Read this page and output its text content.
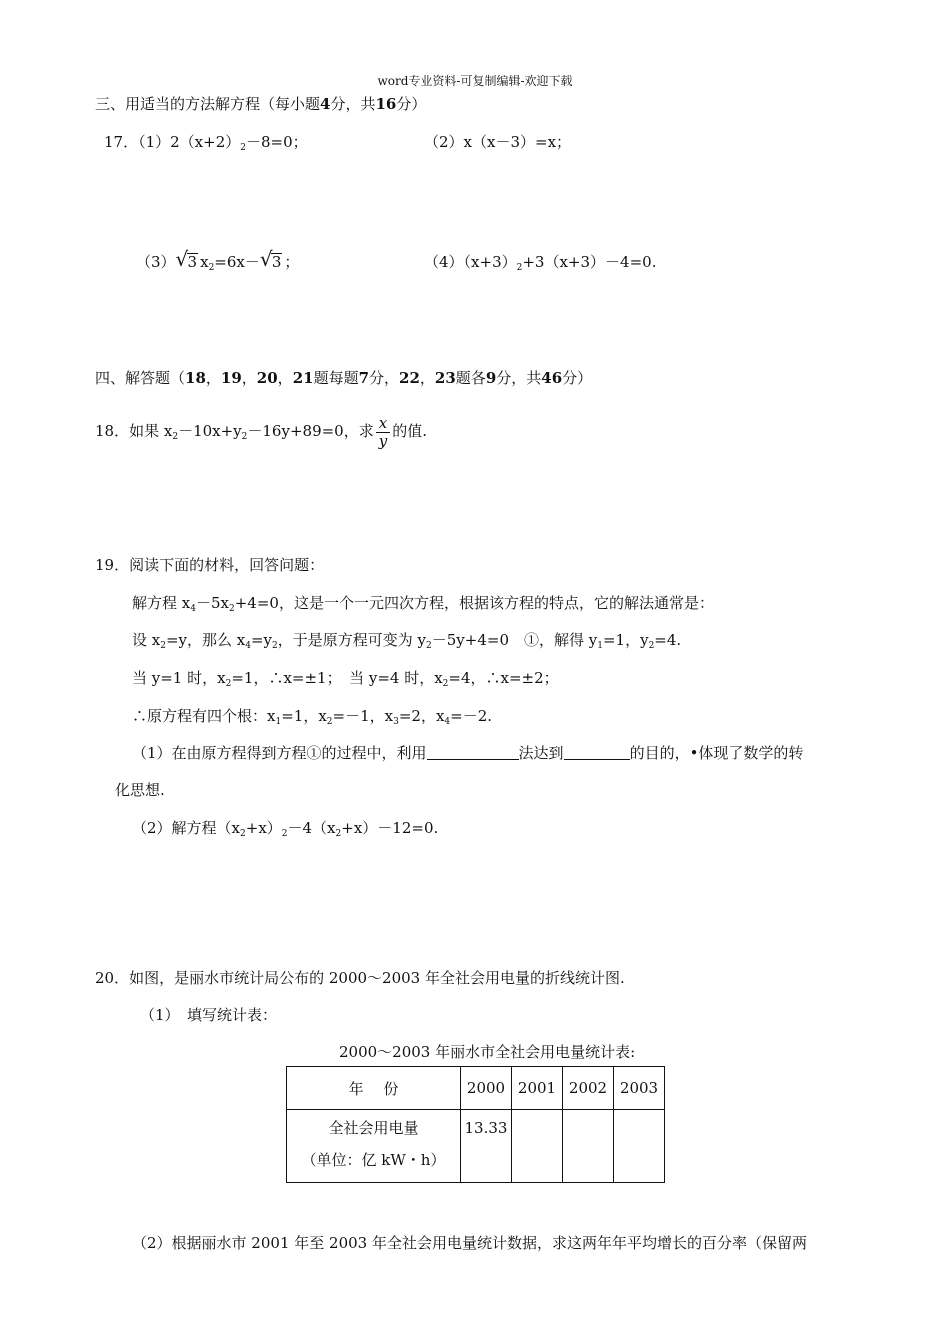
word专业资料-可复制编辑-欢迎下载
三、用适当的方法解方程（每小题4分，共16分）
17．$(1)2(x+2)_2-8=0$；	（2）x（x－3）=x；
（3） √ 3 $x_2=6x-$ √ 3 ；	$(4)(x+3)_2+3(x+3)-4=0$.
四、解答题（18，19，20，21题每题7分，22，23题各9分，共46分）
18．如果 $x_2-10x+y_2-16y+89=0$，求 $\frac{x}{y}$ 的值.
19．阅读下面的材料，回答问题：
解方程 $x_4-5x_2+4=0$，这是一个一元四次方程，根据该方程的特点，它的解法通常是：
设 $x_2=y$，那么 $x_4=y_2$，于是原方程可变为 $y_2-5y+4=0$　①，解得 $y_1=1$，$y_2=4$.
当 y=1 时，$x_2=1$，∴x=±1；　当 y=4 时，$x_2=4$，∴x=±2；
∴原方程有四个根：$x_1=1$，$x_2=-1$，$x_3=2$，$x_4=-2$.
（1）在由原方程得到方程①的过程中，利用	法达到	的目的，•体现了数学的转
化思想.
（2）解方程$(x_2+x)_2-4(x_2+x)-12=0$.
20．如图，是丽水市统计局公布的 2000～2003 年全社会用电量的折线统计图.
（1）　填写统计表：
2000～2003 年丽水市全社会用电量统计表:
年　 份	2000	2001	2002	2003

全社会用电量
（单位：亿 kW・h）	13.33			
（2）根据丽水市 2001 年至 2003 年全社会用电量统计数据，求这两年年平均增长的百分率（保留两
